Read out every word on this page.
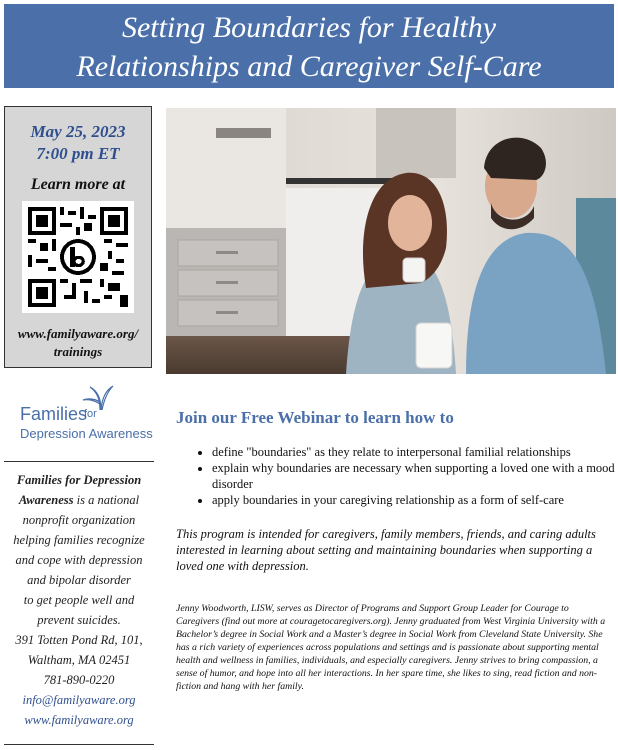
Setting Boundaries for Healthy
Relationships and Caregiver Self-Care
May 25, 2023
7:00 pm ET
Learn more at
www.familyaware.org/
trainings
Families
for
Depression Awareness
Families for Depression
Awareness is a national
nonprofit organization
helping families recognize
and cope with depression
and bipolar disorder
to get people well and
prevent suicides.
391 Totten Pond Rd, 101,
Waltham, MA 02451
781-890-0220
info@familyaware.org
www.familyaware.org
Join our Free Webinar to learn how to
• define "boundaries" as they relate to interpersonal familial relationships
• explain why boundaries are necessary when supporting a loved one with a mood disorder
• apply boundaries in your caregiving relationship as a form of self-care
This program is intended for caregivers, family members, friends, and caring adults interested in learning about setting and maintaining boundaries when supporting a loved one with depression.
Jenny Woodworth, LISW, serves as Director of Programs and Support Group Leader for Courage to Caregivers (find out more at couragetocaregivers.org). Jenny graduated from West Virginia University with a Bachelor’s degree in Social Work and a Master’s degree in Social Work from Cleveland State University. She has a rich variety of experiences across populations and settings and is passionate about supporting mental health and wellness in families, individuals, and especially caregivers. Jenny strives to bring compassion, a sense of humor, and hope into all her interactions. In her spare time, she likes to sing, read fiction and non-fiction and hang with her family.
